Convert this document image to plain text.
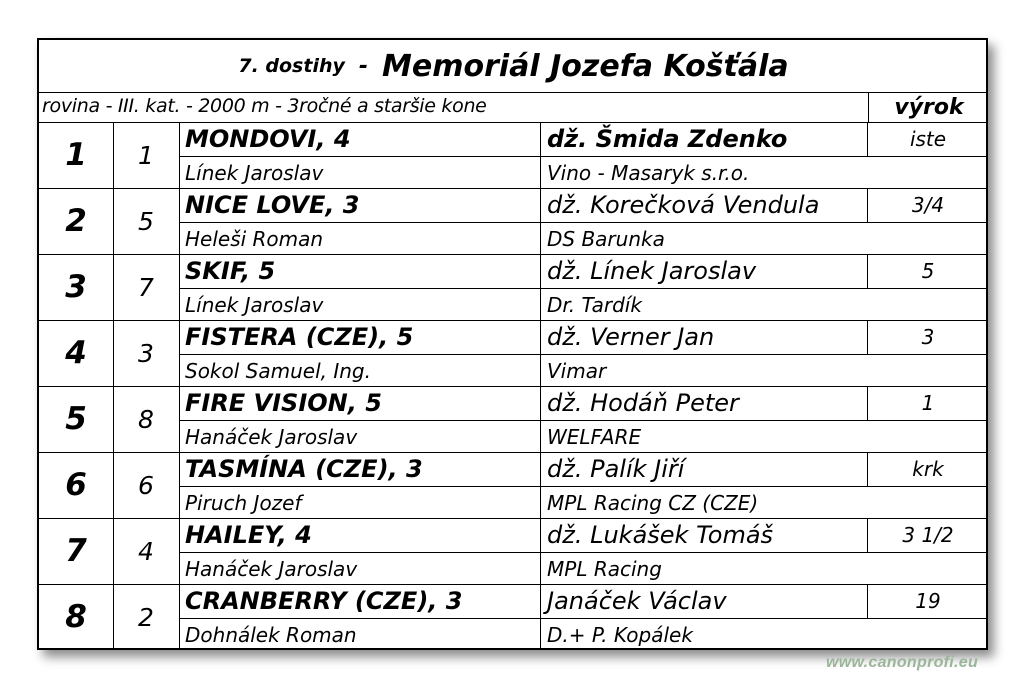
7. dostihy - Memoriál Jozefa Košťála
rovina - III. kat. - 2000 m - 3ročné a staršie kone	výrok
1	1
MONDOVI, 4	dž. Šmida Zdenko	iste
Línek Jaroslav	Vino - Masaryk s.r.o.
2	5
NICE LOVE, 3	dž. Korečková Vendula	3/4
Heleši Roman	DS Barunka
3	7
SKIF, 5	dž. Línek Jaroslav	5
Línek Jaroslav	Dr. Tardík
4	3
FISTERA (CZE), 5	dž. Verner Jan	3
Sokol Samuel, Ing.	Vimar
5	8
FIRE VISION, 5	dž. Hodáň Peter	1
Hanáček Jaroslav	WELFARE
6	6
TASMÍNA (CZE), 3	dž. Palík Jiří	krk
Piruch Jozef	MPL Racing CZ (CZE)
7	4
HAILEY, 4	dž. Lukášek Tomáš	3 1/2
Hanáček Jaroslav	MPL Racing
8	2
CRANBERRY (CZE), 3	Janáček Václav	19
Dohnálek Roman	D.+ P. Kopálek
www.canonprofi.eu
